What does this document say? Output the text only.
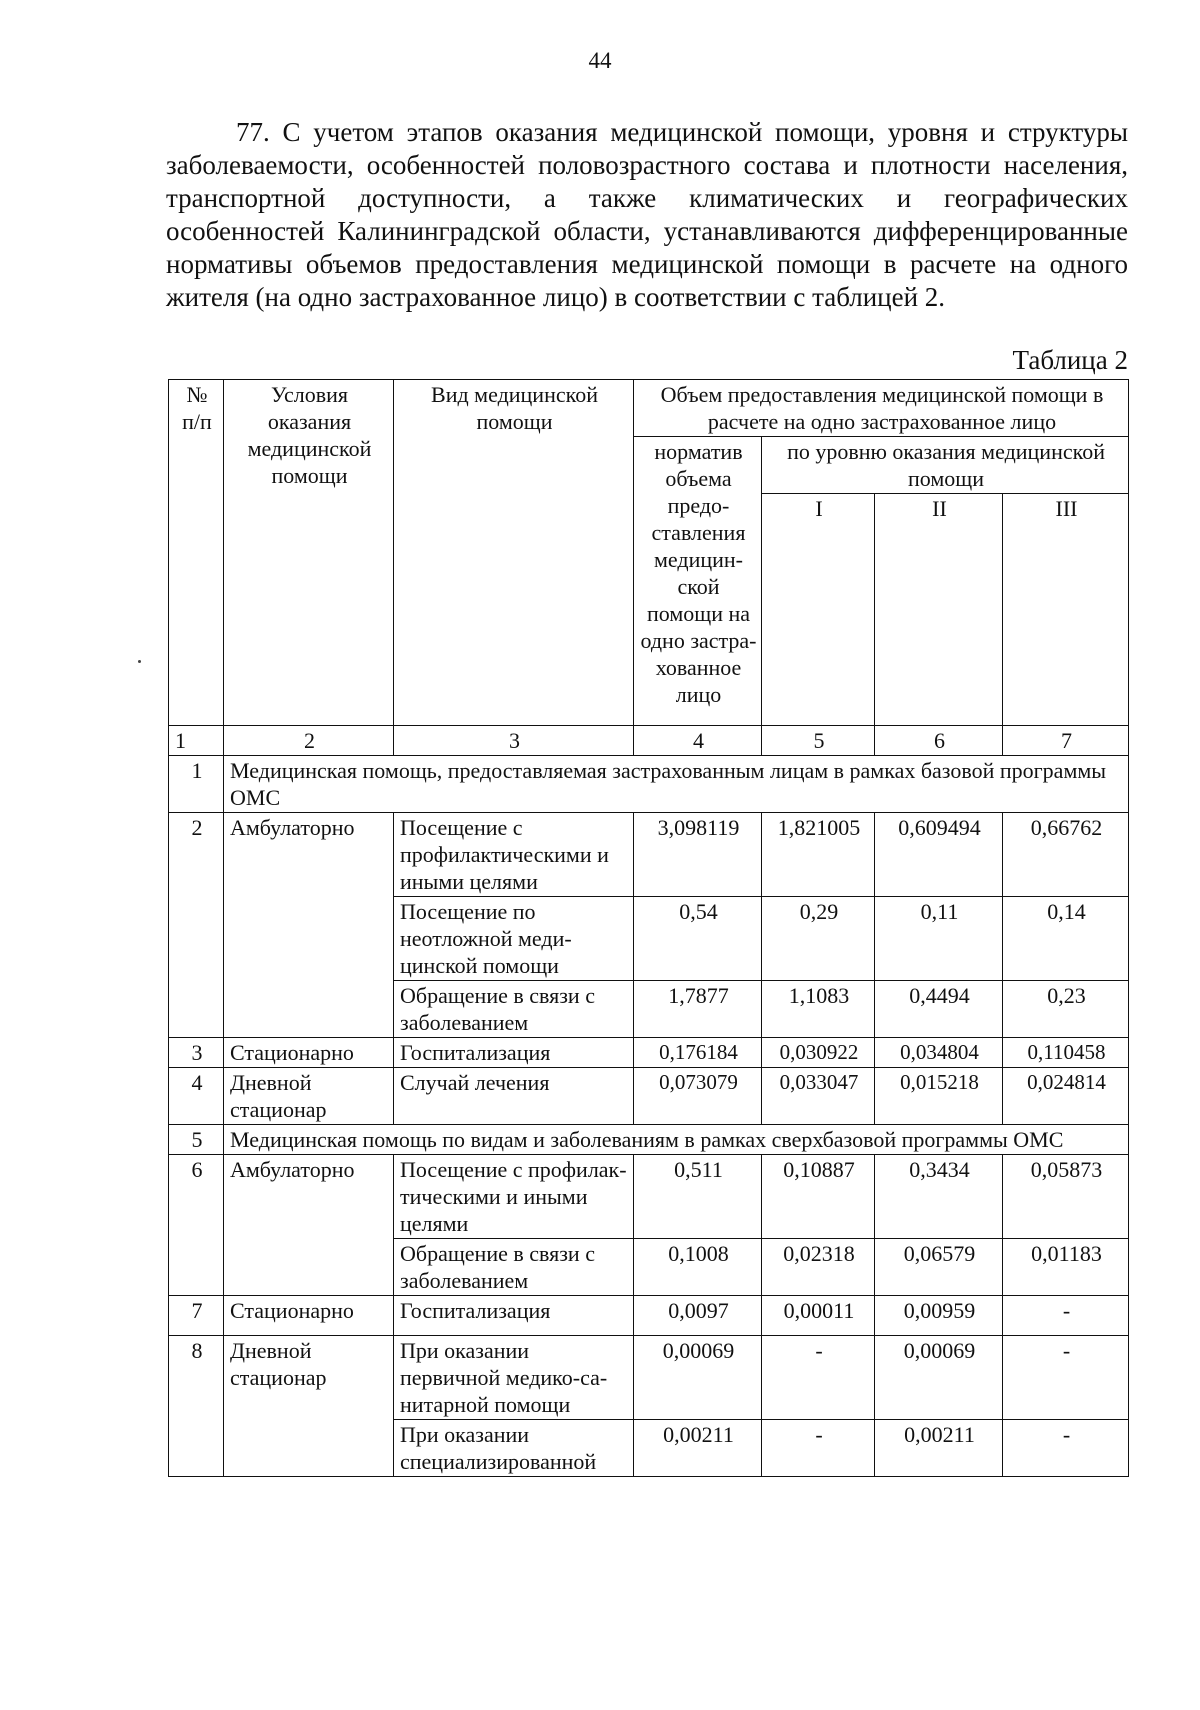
44

77. С учетом этапов оказания медицинской помощи, уровня и структуры заболеваемости, особенностей половозрастного состава и плотности населения, транспортной доступности, а также климатических и географических особенностей Калининградской области, устанавливаются дифференцированные нормативы объемов предоставления медицинской помощи в расчете на одного жителя (на одно застрахованное лицо) в соответствии с таблицей 2.

Таблица 2
№ п/п	Условия оказания медицинской помощи	Вид медицинской помощи	Объем предоставления медицинской помощи в расчете на одно застрахованное лицо			
			норматив объема предо-ставления медицин-ской помощи на одно застра-хованное лицо	по уровню оказания медицинской помощи		
				I	II	III
1	2	3	4	5	6	7
1	Медицинская помощь, предоставляемая застрахованным лицам в рамках базовой программы ОМС					
2	Амбулаторно	Посещение с профилактическими и иными целями	3,098119	1,821005	0,609494	0,66762
		Посещение по неотложной меди-цинской помощи	0,54	0,29	0,11	0,14
		Обращение в связи с заболеванием	1,7877	1,1083	0,4494	0,23
3	Стационарно	Госпитализация	0,176184	0,030922	0,034804	0,110458
4	Дневной стационар	Случай лечения	0,073079	0,033047	0,015218	0,024814
5	Медицинская помощь по видам и заболеваниям в рамках сверхбазовой программы ОМС					
6	Амбулаторно	Посещение с профилак-тическими и иными целями	0,511	0,10887	0,3434	0,05873
		Обращение в связи с заболеванием	0,1008	0,02318	0,06579	0,01183
7	Стационарно	Госпитализация	0,0097	0,00011	0,00959	-
8	Дневной стационар	При оказании первичной медико-са-нитарной помощи	0,00069	-	0,00069	-
		При оказании специализированной	0,00211	-	0,00211	-
